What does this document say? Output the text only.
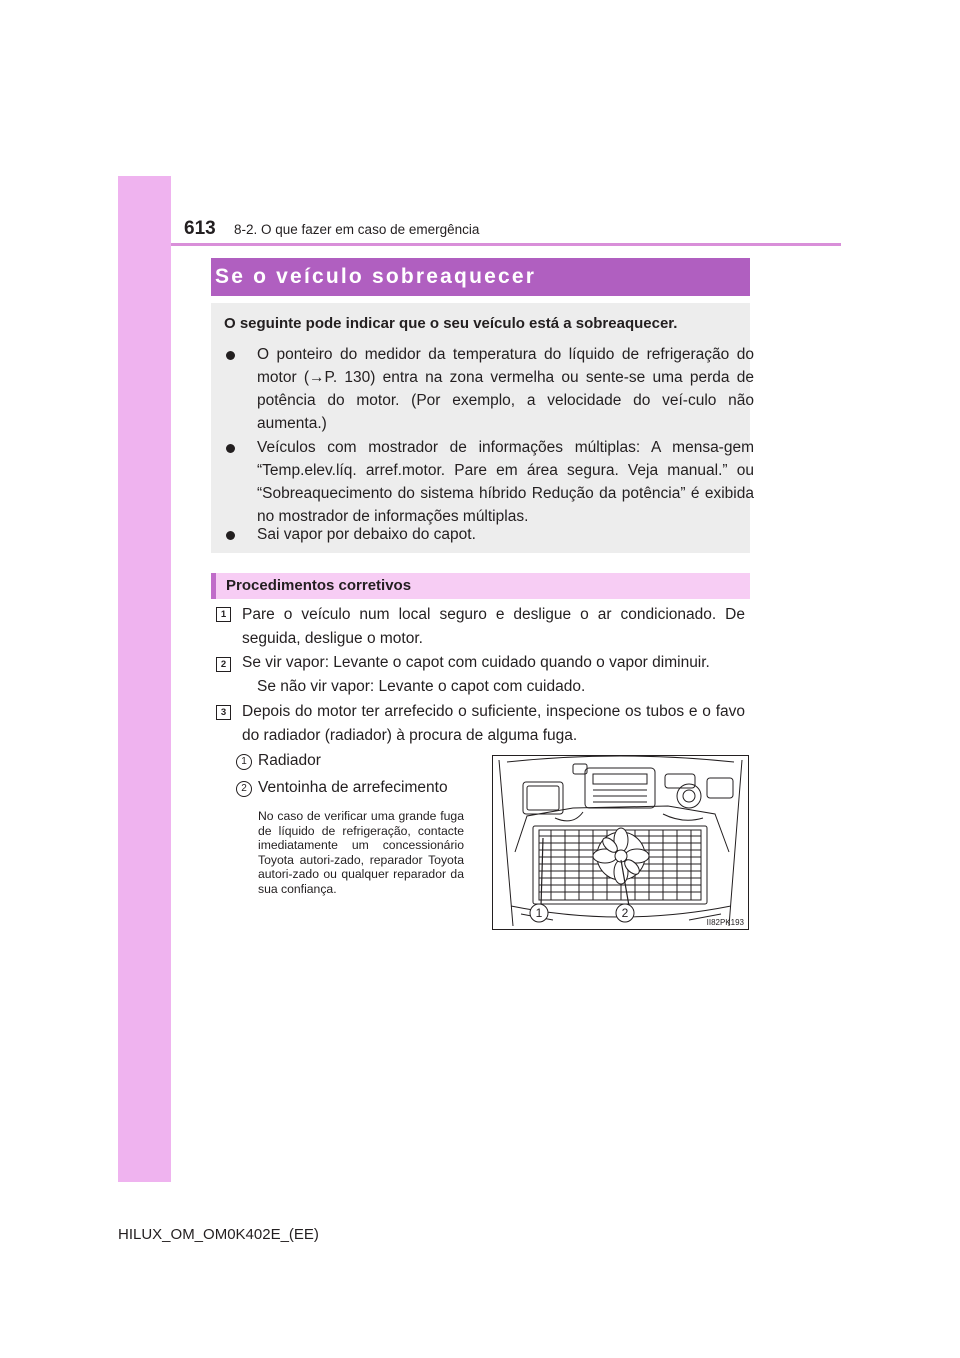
613 8-2. O que fazer em caso de emergência
Se o veículo sobreaquecer
O seguinte pode indicar que o seu veículo está a sobreaquecer.
O ponteiro do medidor da temperatura do líquido de refrigeração do motor (→P. 130) entra na zona vermelha ou sente-se uma perda de potência do motor. (Por exemplo, a velocidade do veí-culo não aumenta.)
Veículos com mostrador de informações múltiplas: A mensa-gem “Temp.elev.líq. arref.motor. Pare em área segura. Veja manual.” ou “Sobreaquecimento do sistema híbrido Redução da potência” é exibida no mostrador de informações múltiplas.
Sai vapor por debaixo do capot.
Procedimentos corretivos
1	Pare o veículo num local seguro e desligue o ar condicionado. De seguida, desligue o motor.
2	Se vir vapor: Levante o capot com cuidado quando o vapor diminuir.
Se não vir vapor: Levante o capot com cuidado.
3	Depois do motor ter arrefecido o suficiente, inspecione os tubos e o favo do radiador (radiador) à procura de alguma fuga.
1 Radiador
2 Ventoinha de arrefecimento
No caso de verificar uma grande fuga de líquido de refrigeração, contacte imediatamente um concessionário Toyota autori-zado, reparador Toyota autori-zado ou qualquer reparador da sua confiança.
1	2
II82PK193
HILUX_OM_OM0K402E_(EE)
